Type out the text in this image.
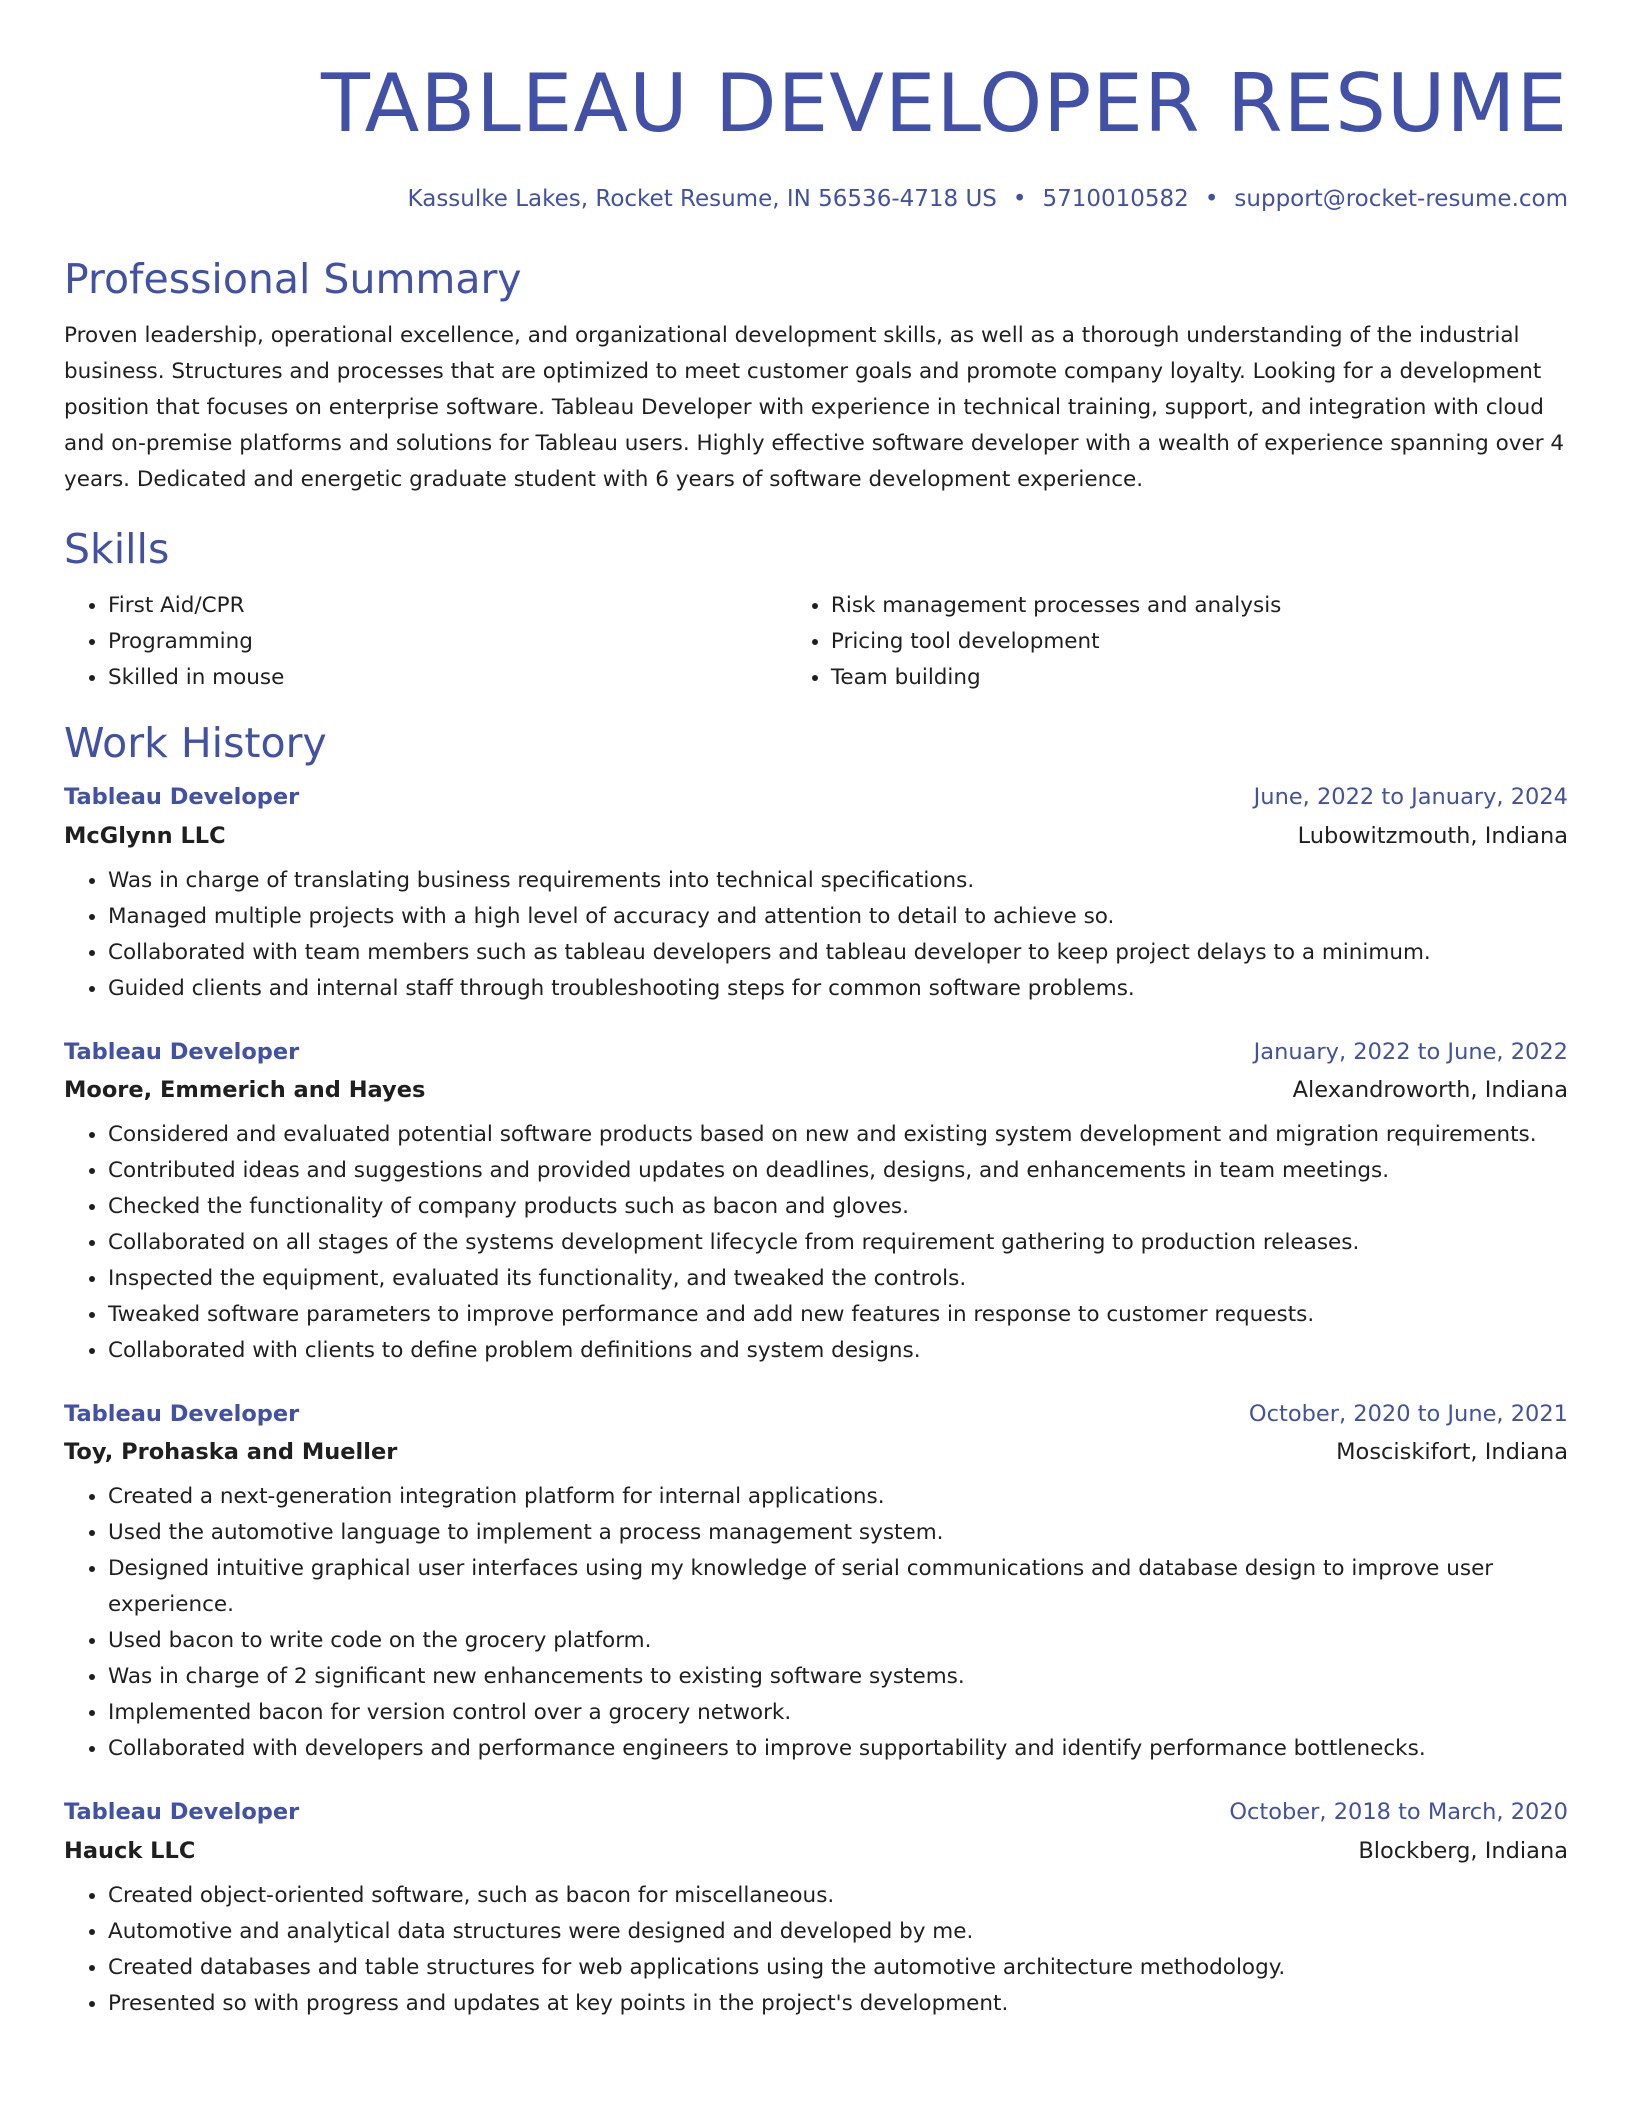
TABLEAU DEVELOPER RESUME
Kassulke Lakes, Rocket Resume, IN 56536-4718 US • 5710010582 • support@rocket-resume.com
Professional Summary
Proven leadership, operational excellence, and organizational development skills, as well as a thorough understanding of the industrial business. Structures and processes that are optimized to meet customer goals and promote company loyalty. Looking for a development position that focuses on enterprise software. Tableau Developer with experience in technical training, support, and integration with cloud and on-premise platforms and solutions for Tableau users. Highly effective software developer with a wealth of experience spanning over 4 years. Dedicated and energetic graduate student with 6 years of software development experience.
Skills
• First Aid/CPR
• Programming
• Skilled in mouse
• Risk management processes and analysis
• Pricing tool development
• Team building
Work History
Tableau Developer	June, 2022 to January, 2024
McGlynn LLC	Lubowitzmouth, Indiana
• Was in charge of translating business requirements into technical specifications.
• Managed multiple projects with a high level of accuracy and attention to detail to achieve so.
• Collaborated with team members such as tableau developers and tableau developer to keep project delays to a minimum.
• Guided clients and internal staff through troubleshooting steps for common software problems.
Tableau Developer	January, 2022 to June, 2022
Moore, Emmerich and Hayes	Alexandroworth, Indiana
• Considered and evaluated potential software products based on new and existing system development and migration requirements.
• Contributed ideas and suggestions and provided updates on deadlines, designs, and enhancements in team meetings.
• Checked the functionality of company products such as bacon and gloves.
• Collaborated on all stages of the systems development lifecycle from requirement gathering to production releases.
• Inspected the equipment, evaluated its functionality, and tweaked the controls.
• Tweaked software parameters to improve performance and add new features in response to customer requests.
• Collaborated with clients to define problem definitions and system designs.
Tableau Developer	October, 2020 to June, 2021
Toy, Prohaska and Mueller	Mosciskifort, Indiana
• Created a next-generation integration platform for internal applications.
• Used the automotive language to implement a process management system.
• Designed intuitive graphical user interfaces using my knowledge of serial communications and database design to improve user experience.
• Used bacon to write code on the grocery platform.
• Was in charge of 2 significant new enhancements to existing software systems.
• Implemented bacon for version control over a grocery network.
• Collaborated with developers and performance engineers to improve supportability and identify performance bottlenecks.
Tableau Developer	October, 2018 to March, 2020
Hauck LLC	Blockberg, Indiana
• Created object-oriented software, such as bacon for miscellaneous.
• Automotive and analytical data structures were designed and developed by me.
• Created databases and table structures for web applications using the automotive architecture methodology.
• Presented so with progress and updates at key points in the project's development.
